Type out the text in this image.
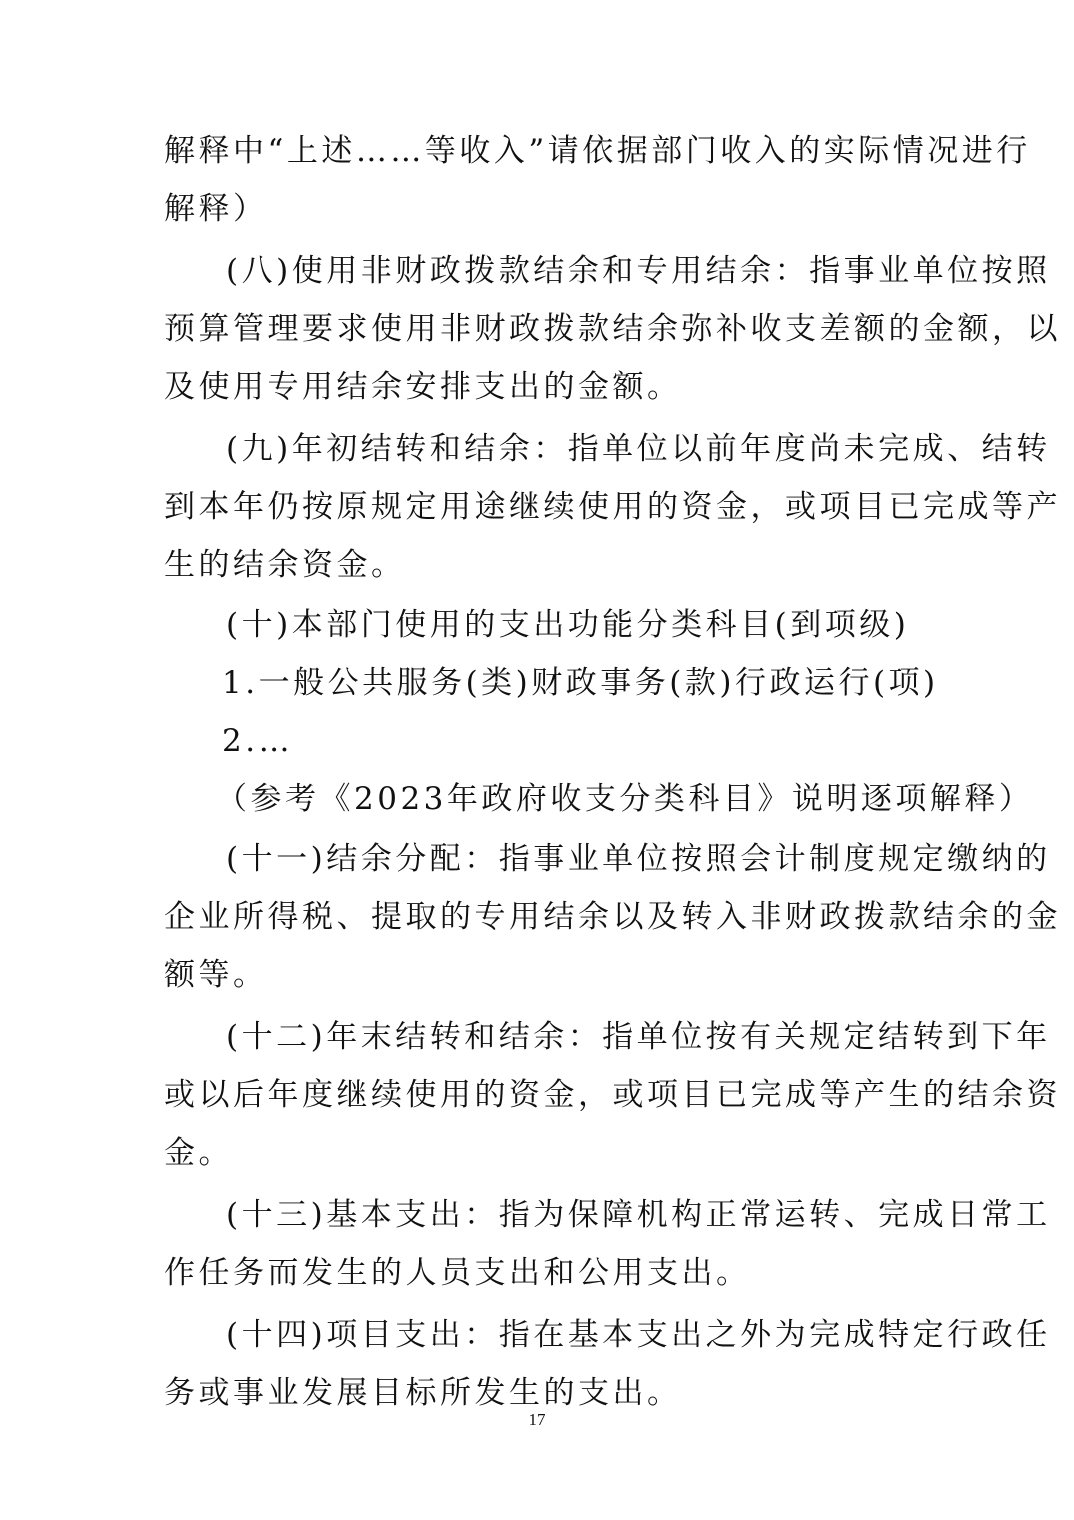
解释中“上述……等收入”请依据部门收入的实际情况进行
解释）
(八)使用非财政拨款结余和专用结余：指事业单位按照
预算管理要求使用非财政拨款结余弥补收支差额的金额，以
及使用专用结余安排支出的金额。
(九)年初结转和结余：指单位以前年度尚未完成、结转
到本年仍按原规定用途继续使用的资金，或项目已完成等产
生的结余资金。
(十)本部门使用的支出功能分类科目(到项级)
1.一般公共服务(类)财政事务(款)行政运行(项)
2.…
（参考《2023年政府收支分类科目》说明逐项解释）
(十一)结余分配：指事业单位按照会计制度规定缴纳的
企业所得税、提取的专用结余以及转入非财政拨款结余的金
额等。
(十二)年末结转和结余：指单位按有关规定结转到下年
或以后年度继续使用的资金，或项目已完成等产生的结余资
金。
(十三)基本支出：指为保障机构正常运转、完成日常工
作任务而发生的人员支出和公用支出。
(十四)项目支出：指在基本支出之外为完成特定行政任
务或事业发展目标所发生的支出。
17
